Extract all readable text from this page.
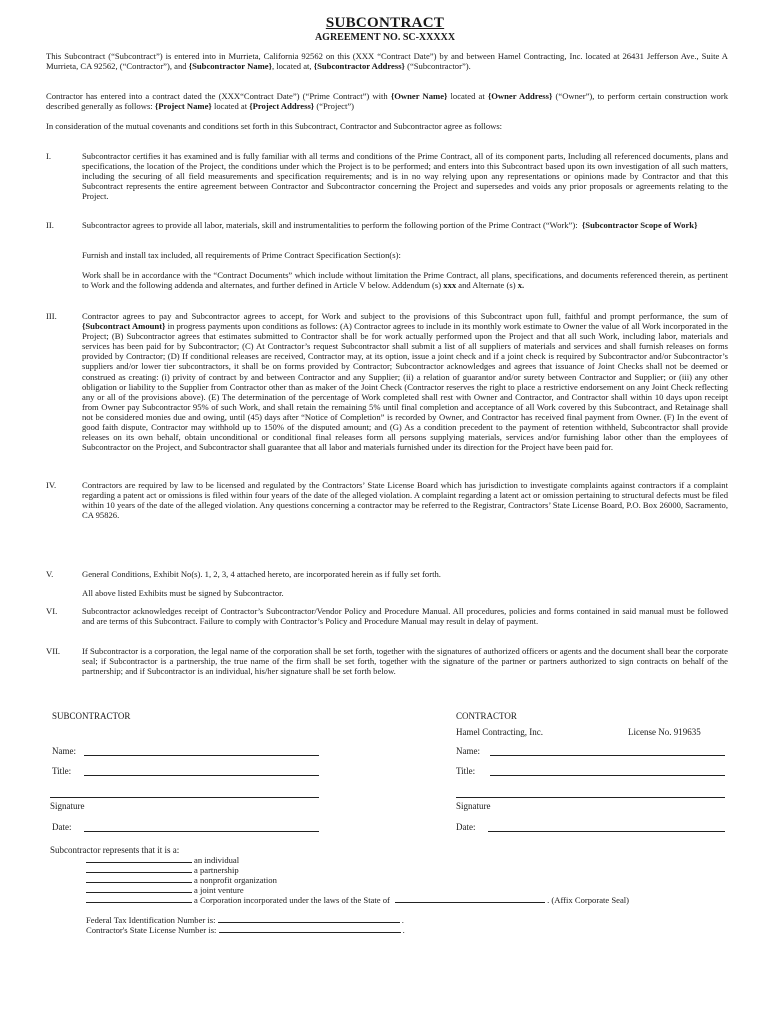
SUBCONTRACT
AGREEMENT NO. SC-XXXXX
This Subcontract (“Subcontract”) is entered into in Murrieta, California 92562 on this (XXX “Contract Date”) by and between Hamel Contracting, Inc. located at 26431 Jefferson Ave., Suite A Murrieta, CA 92562, (“Contractor”), and {Subcontractor Name}, located at, {Subcontractor Address} (“Subcontractor”).
Contractor has entered into a contract dated the (XXX“Contract Date”) (“Prime Contract”) with {Owner Name} located at {Owner Address} (“Owner”), to perform certain construction work described generally as follows: {Project Name} located at {Project Address} (“Project”)
In consideration of the mutual covenants and conditions set forth in this Subcontract, Contractor and Subcontractor agree as follows:
I.	Subcontractor certifies it has examined and is fully familiar with all terms and conditions of the Prime Contract, all of its component parts, Including all referenced documents, plans and specifications, the location of the Project, the conditions under which the Project is to be performed; and enters into this Subcontract based upon its own investigation of all such matters, including the securing of all field measurements and specification requirements; and is in no way relying upon any representations or opinions made by Contractor and that this Subcontract represents the entire agreement between Contractor and Subcontractor concerning the Project and supersedes and voids any prior proposals or agreements relating to the Project.
II.	Subcontractor agrees to provide all labor, materials, skill and instrumentalities to perform the following portion of the Prime Contract (“Work”): {Subcontractor Scope of Work}
Furnish and install tax included, all requirements of Prime Contract Specification Section(s):
Work shall be in accordance with the “Contract Documents” which include without limitation the Prime Contract, all plans, specifications, and documents referenced therein, as pertinent to Work and the following addenda and alternates, and further defined in Article V below. Addendum (s) xxx and Alternate (s) x.
III.	Contractor agrees to pay and Subcontractor agrees to accept, for Work and subject to the provisions of this Subcontract upon full, faithful and prompt performance, the sum of {Subcontract Amount} in progress payments upon conditions as follows: (A) Contractor agrees to include in its monthly work estimate to Owner the value of all Work incorporated in the Project; (B) Subcontractor agrees that estimates submitted to Contractor shall be for work actually performed upon the Project and that all such Work, including labor, materials and services has been paid for by Subcontractor; (C) At Contractor’s request Subcontractor shall submit a list of all suppliers of materials and services and shall furnish releases on forms provided by Contractor; (D) If conditional releases are received, Contractor may, at its option, issue a joint check and if a joint check is required by Subcontractor and/or Subcontractor’s suppliers and/or lower tier subcontractors, it shall be on forms provided by Contractor; Subcontractor acknowledges and agrees that issuance of Joint Checks shall not be deemed or construed as creating: (i) privity of contract by and between Contractor and any Supplier; (ii) a relation of guarantor and/or surety between Contractor and Supplier; or (iii) any other obligation or liability to the Supplier from Contractor other than as maker of the Joint Check (Contractor reserves the right to place a restrictive endorsement on any Joint Check reflecting any or all of the provisions above). (E) The determination of the percentage of Work completed shall rest with Owner and Contractor, and Contractor shall within 10 days upon receipt from Owner pay Subcontractor 95% of such Work, and shall retain the remaining 5% until final completion and acceptance of all Work covered by this Subcontract, and Retainage shall not be considered monies due and owing, until (45) days after “Notice of Completion” is recorded by Owner, and Contractor has received final payment from Owner. (F) In the event of good faith dispute, Contractor may withhold up to 150% of the disputed amount; and (G) As a condition precedent to the payment of retention withheld, Subcontractor shall provide releases on its own behalf, obtain unconditional or conditional final releases form all persons supplying materials, services and/or furnishing labor other than the employees of Subcontractor on the Project, and Subcontractor shall guarantee that all labor and materials furnished under its direction for the Project have been paid for.
IV.	Contractors are required by law to be licensed and regulated by the Contractors’ State License Board which has jurisdiction to investigate complaints against contractors if a complaint regarding a patent act or omissions is filed within four years of the date of the alleged violation. A complaint regarding a latent act or omission pertaining to structural defects must be filed within 10 years of the date of the alleged violation. Any questions concerning a contractor may be referred to the Registrar, Contractors’ State License Board, P.O. Box 26000, Sacramento, CA 95826.
V.	General Conditions, Exhibit No(s). 1, 2, 3, 4 attached hereto, are incorporated herein as if fully set forth.
All above listed Exhibits must be signed by Subcontractor.
VI.	Subcontractor acknowledges receipt of Contractor’s Subcontractor/Vendor Policy and Procedure Manual. All procedures, policies and forms contained in said manual must be followed and are terms of this Subcontract. Failure to comply with Contractor’s Policy and Procedure Manual may result in delay of payment.
VII.	If Subcontractor is a corporation, the legal name of the corporation shall be set forth, together with the signatures of authorized officers or agents and the document shall bear the corporate seal; if Subcontractor is a partnership, the true name of the firm shall be set forth, together with the signature of the partner or partners authorized to sign contracts on behalf of the partnership; and if Subcontractor is an individual, his/her signature shall be set forth below.
SUBCONTRACTOR
Name:
Title:
Signature
Date:
CONTRACTOR
Hamel Contracting, Inc.	License No. 919635
Name:
Title:
Signature
Date:
Subcontractor represents that it is a:
an individual
a partnership
a nonprofit organization
a joint venture
a Corporation incorporated under the laws of the State of	. (Affix Corporate Seal)
Federal Tax Identification Number is:	.
Contractor's State License Number is:	.
